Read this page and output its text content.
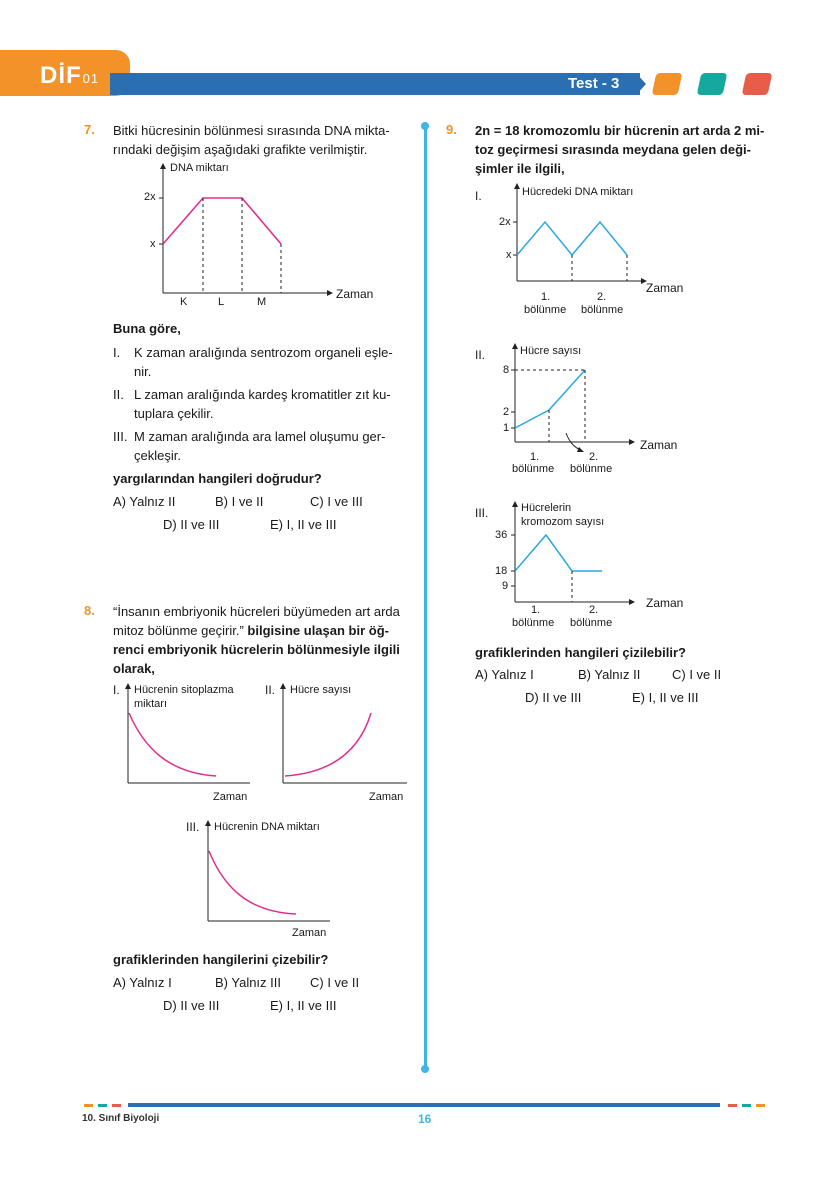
DİF01	Test - 3
7. Bitki hücresinin bölünmesi sırasında DNA mikta-
rındaki değişim aşağıdaki grafikte verilmiştir.
DNA miktarı
2x
x
K	L	M
Zaman
Buna göre,
I. K zaman aralığında sentrozom organeli eşle-
nir.
II. L zaman aralığında kardeş kromatitler zıt ku-
tuplara çekilir.
III. M zaman aralığında ara lamel oluşumu ger-
çekleşir.
yargılarından hangileri doğrudur?
A) Yalnız II	B) I ve II	C) I ve III
D) II ve III	E) I, II ve III
8. “İnsanın embriyonik hücreleri büyümeden art arda
mitoz bölünme geçirir.” bilgisine ulaşan bir öğ-
renci embriyonik hücrelerin bölünmesiyle ilgili
olarak,
I. Hücrenin sitoplazma
miktarı
Zaman
II. Hücre sayısı
Zaman
III. Hücrenin DNA miktarı
Zaman
grafiklerinden hangilerini çizebilir?
A) Yalnız I	B) Yalnız III C) I ve II
D) II ve III	E) I, II ve III
9. 2n = 18 kromozomlu bir hücrenin art arda 2 mi-
toz geçirmesi sırasında meydana gelen deği-
şimler ile ilgili,
I.	Hücredeki DNA miktarı
2x
x
Zaman
1.
bölünme
2.
bölünme
II.	Hücre sayısı
8
2
1
Zaman
1.
bölünme
2.
bölünme
III.	Hücrelerin
kromozom sayısı
36
18
9
Zaman
1.
bölünme
2.
bölünme
grafiklerinden hangileri çizilebilir?
A) Yalnız I	B) Yalnız II C) I ve II
D) II ve III	E) I, II ve III
10. Sınıf Biyoloji	16
